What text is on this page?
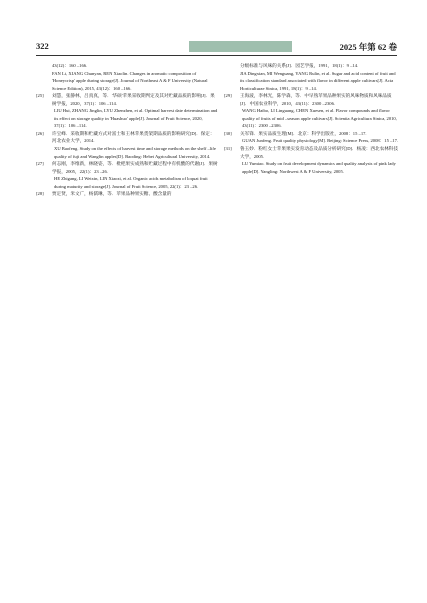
322	2025 年第 62 卷

43(12)：160 –166.

FAN Li, XIANG Chunyan, REN Xiaolin. Changes in aromatic composition of 'Honeycrisp' apple during storage[J]. Journal of Northeast A & F University (Natural Science Edition), 2015, 43(12)：160 –166.

[25] 刘慧，张静林，吕真真，等．'华硕'苹果采收期判定及其对贮藏品质的影响[J]．果树学报，2020，37(1)：106 –114.

LIU Hui, ZHANG Jinglin, LYU Zhenzhen, et al. Optimal harvest date determination and its effect on storage quality in 'Huashuo' apple[J]. Journal of Fruit Science, 2020, 37(1)：106 –114.

[26] 许宝峰．采收期和贮藏方式对富士和王林苹果货架期品质的影响研究[D]．保定：河北农业大学，2014.

XU Baofeng. Study on the effects of harvest time and storage methods on the shelf –life quality of fuji and Wanglin apples[D]. Baoding: Hebei Agricultural University, 2014.

[27] 何志刚，李维新，林晓姿，等．枇杷果实成熟和贮藏过程中有机酸的代谢[J]．果树学报，2005，22(1)：23 –26.

HE Zhigang, LI Weixin, LIN Xiaozi, et al. Organic acids metabolism of loquat fruit during maturity and storage[J]. Journal of Fruit Science, 2005, 22(1)：23 –26.

[28] 贾定贤，米文广，杨儒琳，等．苹果品种果实糖、酸含量的

分级标准与风味的关系[J]．园艺学报，1991，18(1)：9 –14.

JIA Dingxian, MI Wenguang, YANG Rulin, et al. Sugar and acid content of fruit and its classification standard associated with flavor in different apple cultivars[J]. Acta Horticulturae Sinica, 1991, 18(1)：9 –14.

[29] 王海波，李林光，陈学森，等．中早熟苹果品种果实的风味物质和风味品质[J]．中国农业科学，2010，43(11)：2300 –2306.

WANG Haibo, LI Linguang, CHEN Xuesen, et al. Flavor compounds and flavor quality of fruits of mid –season apple cultivars[J]. Scientia Agricultura Sinica, 2010, 43(11)：2300 –2306.

[30] 关军锋．果实品质生理[M]．北京：科学出版社，2008：15 –17.

GUAN Junfeng. Fruit quality physiology[M]. Beijing: Science Press, 2008：15 –17.

[31] 鲁玉妙．粉红女士苹果果实发育动态及品质分析研究[D]．杨凌：西北农林科技大学，2005.

LU Yumiao. Study on fruit development dynamics and quality analysis of pink lady apple[D]. Yangling: Northwest A & F University, 2005.
